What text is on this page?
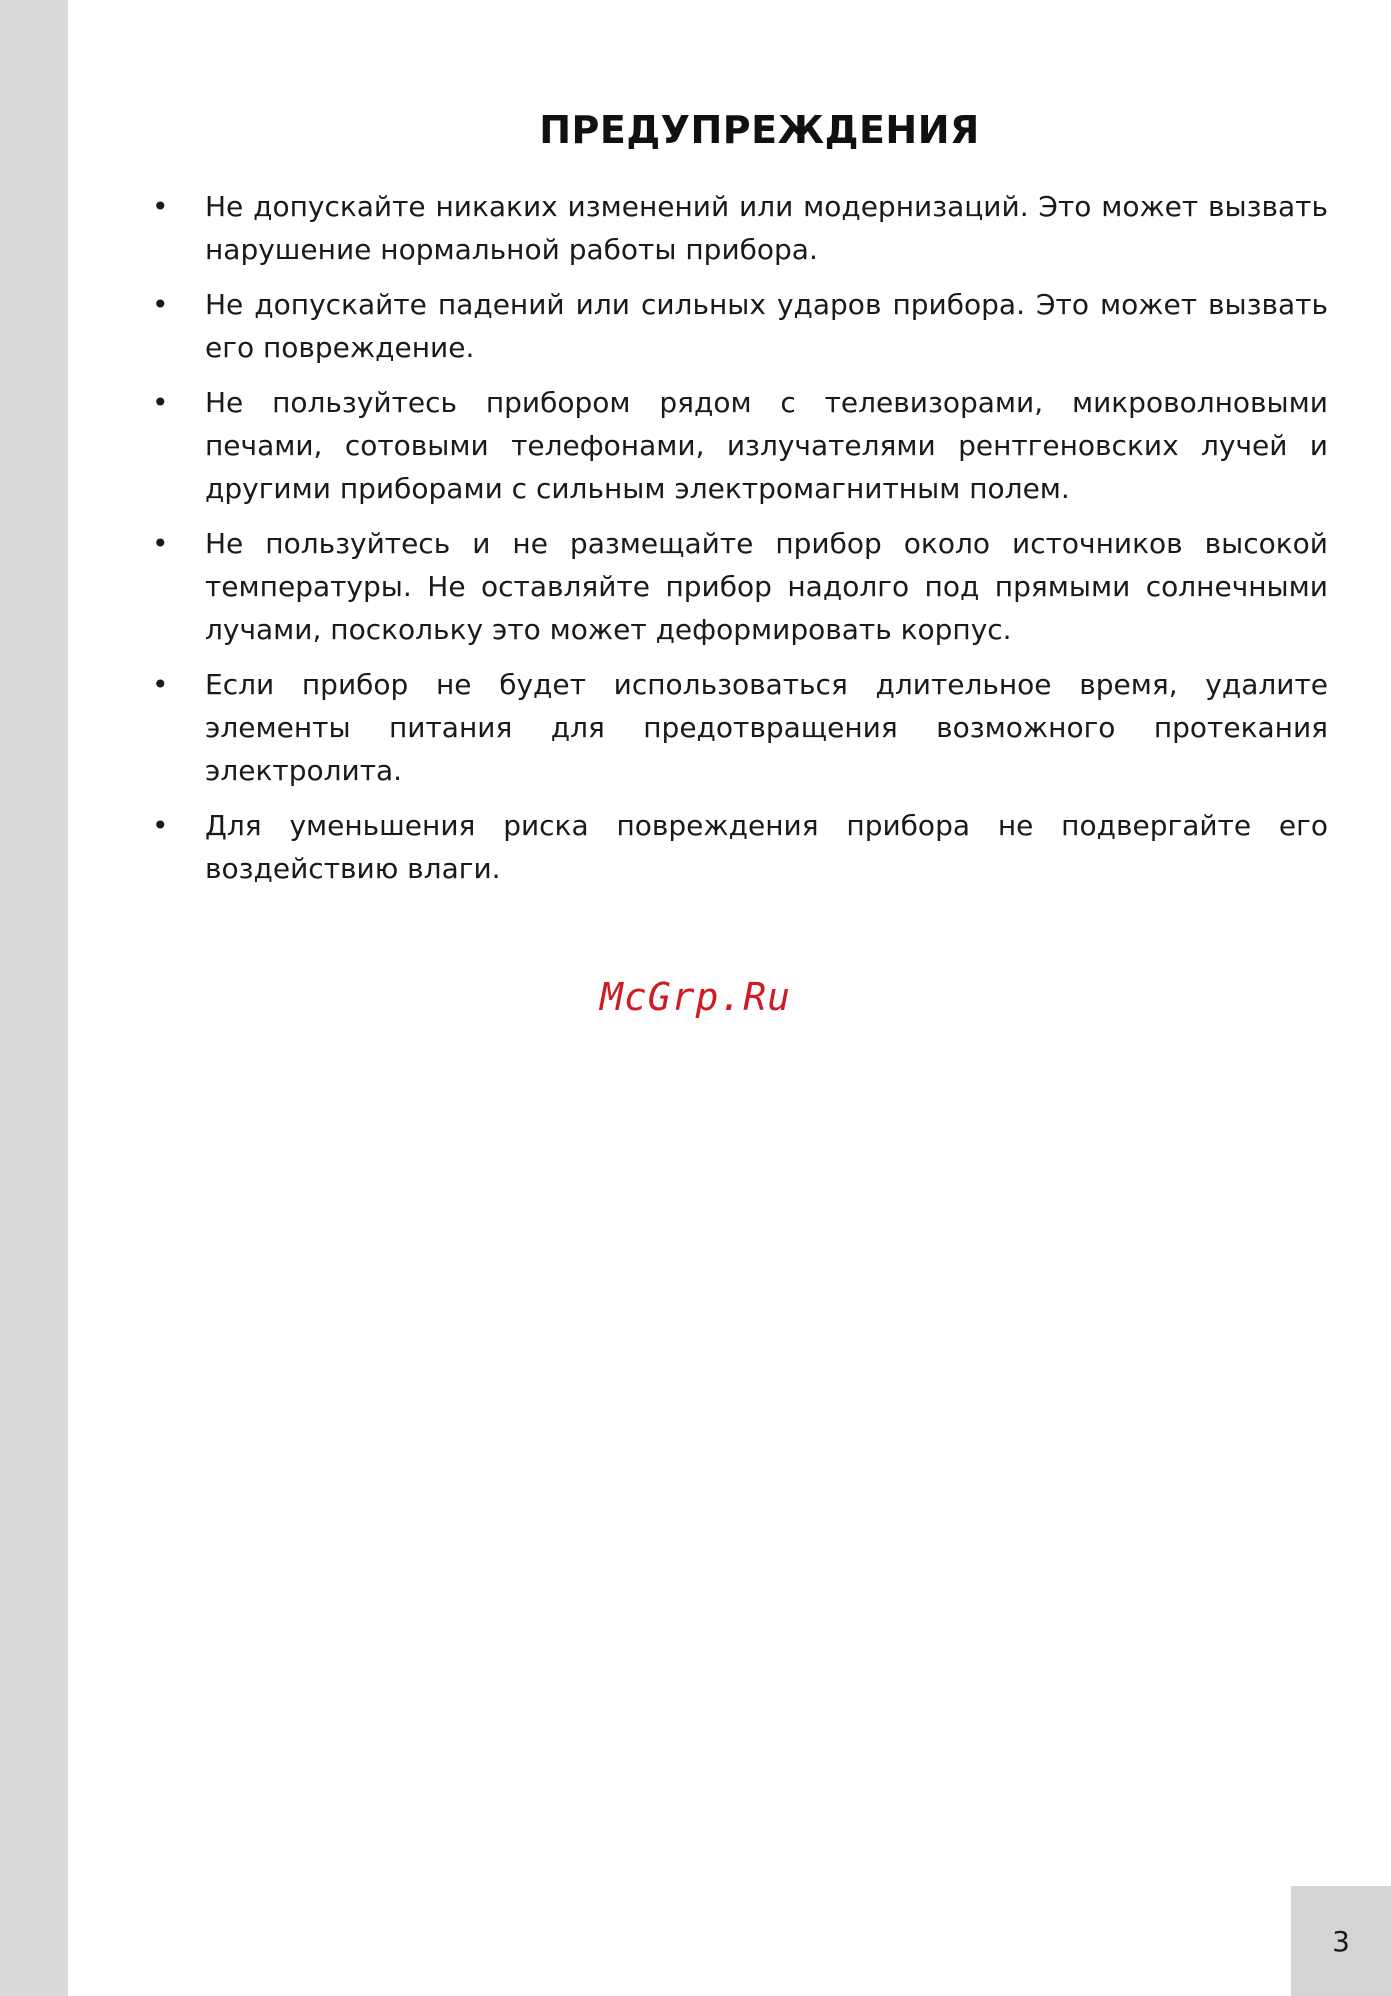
ПРЕДУПРЕЖДЕНИЯ
• Не допускайте никаких изменений или модернизаций. Это может вызвать нарушение нормальной работы прибора.
• Не допускайте падений или сильных ударов прибора. Это может вызвать его повреждение.
• Не пользуйтесь прибором рядом с телевизорами, микроволновыми печами, сотовыми телефонами, излучателями рентгеновских лучей и другими приборами с сильным электромагнитным полем.
• Не пользуйтесь и не размещайте прибор около источников высокой температуры. Не оставляйте прибор надолго под прямыми солнечными лучами, поскольку это может деформировать корпус.
• Если прибор не будет использоваться длительное время, удалите элементы питания для предотвращения возможного протекания электролита.
• Для уменьшения риска повреждения прибора не подвергайте его воздействию влаги.
McGrp.Ru
3
